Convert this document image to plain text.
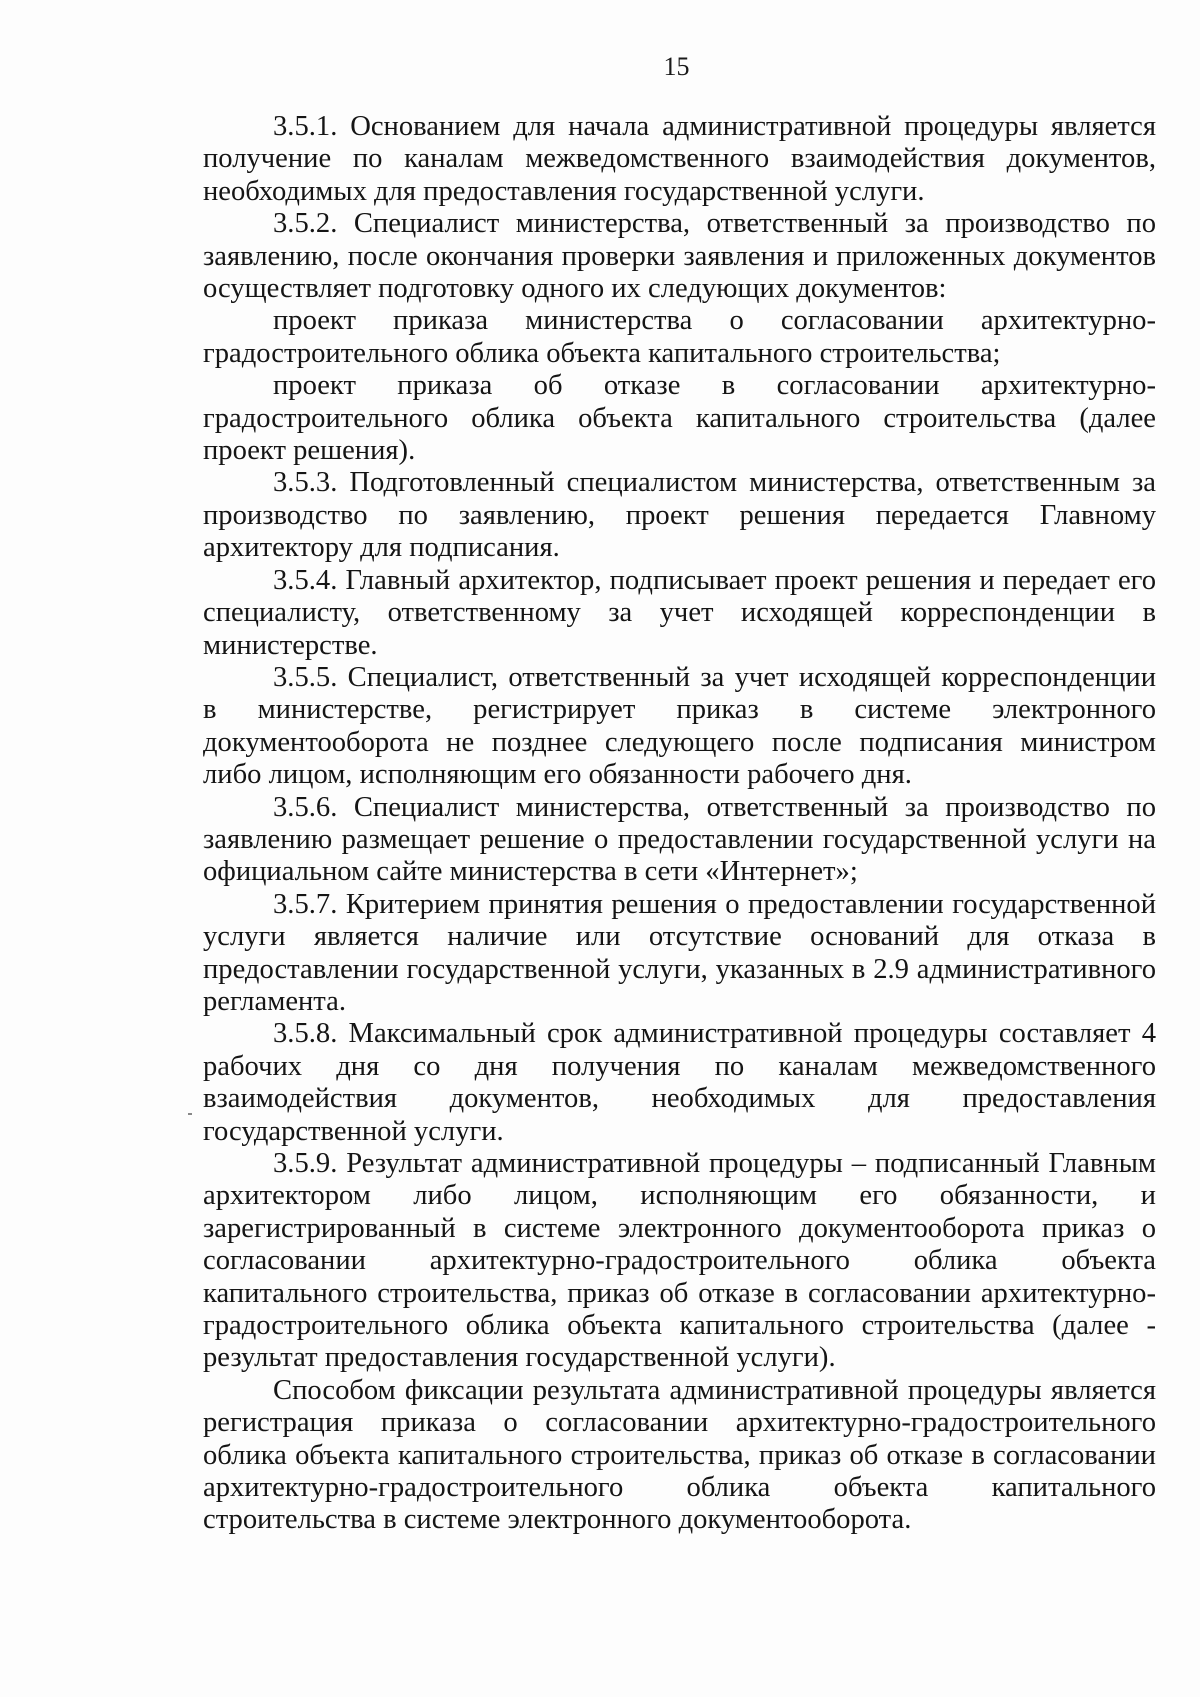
15

3.5.1. Основанием для начала административной процедуры является получение по каналам межведомственного взаимодействия документов, необходимых для предоставления государственной услуги.

3.5.2. Специалист министерства, ответственный за производство по заявлению, после окончания проверки заявления и приложенных документов осуществляет подготовку одного их следующих документов:

проект приказа министерства о согласовании архитектурно-градостроительного облика объекта капитального строительства;

проект приказа об отказе в согласовании архитектурно-градостроительного облика объекта капитального строительства (далее проект решения).

3.5.3. Подготовленный специалистом министерства, ответственным за производство по заявлению, проект решения передается Главному архитектору для подписания.

3.5.4. Главный архитектор, подписывает проект решения и передает его специалисту, ответственному за учет исходящей корреспонденции в министерстве.

3.5.5. Специалист, ответственный за учет исходящей корреспонденции в министерстве, регистрирует приказ в системе электронного документооборота не позднее следующего после подписания министром либо лицом, исполняющим его обязанности рабочего дня.

3.5.6. Специалист министерства, ответственный за производство по заявлению размещает решение о предоставлении государственной услуги на официальном сайте министерства в сети «Интернет»;

3.5.7. Критерием принятия решения о предоставлении государственной услуги является наличие или отсутствие оснований для отказа в предоставлении государственной услуги, указанных в 2.9 административного регламента.

3.5.8. Максимальный срок административной процедуры составляет 4 рабочих дня со дня получения по каналам межведомственного взаимодействия документов, необходимых для предоставления государственной услуги.

3.5.9. Результат административной процедуры – подписанный Главным архитектором либо лицом, исполняющим его обязанности, и зарегистрированный в системе электронного документооборота приказ о согласовании архитектурно-градостроительного облика объекта капитального строительства, приказ об отказе в согласовании архитектурно-градостроительного облика объекта капитального строительства (далее - результат предоставления государственной услуги).

Способом фиксации результата административной процедуры является регистрация приказа о согласовании архитектурно-градостроительного облика объекта капитального строительства, приказ об отказе в согласовании архитектурно-градостроительного облика объекта капитального строительства в системе электронного документооборота.
